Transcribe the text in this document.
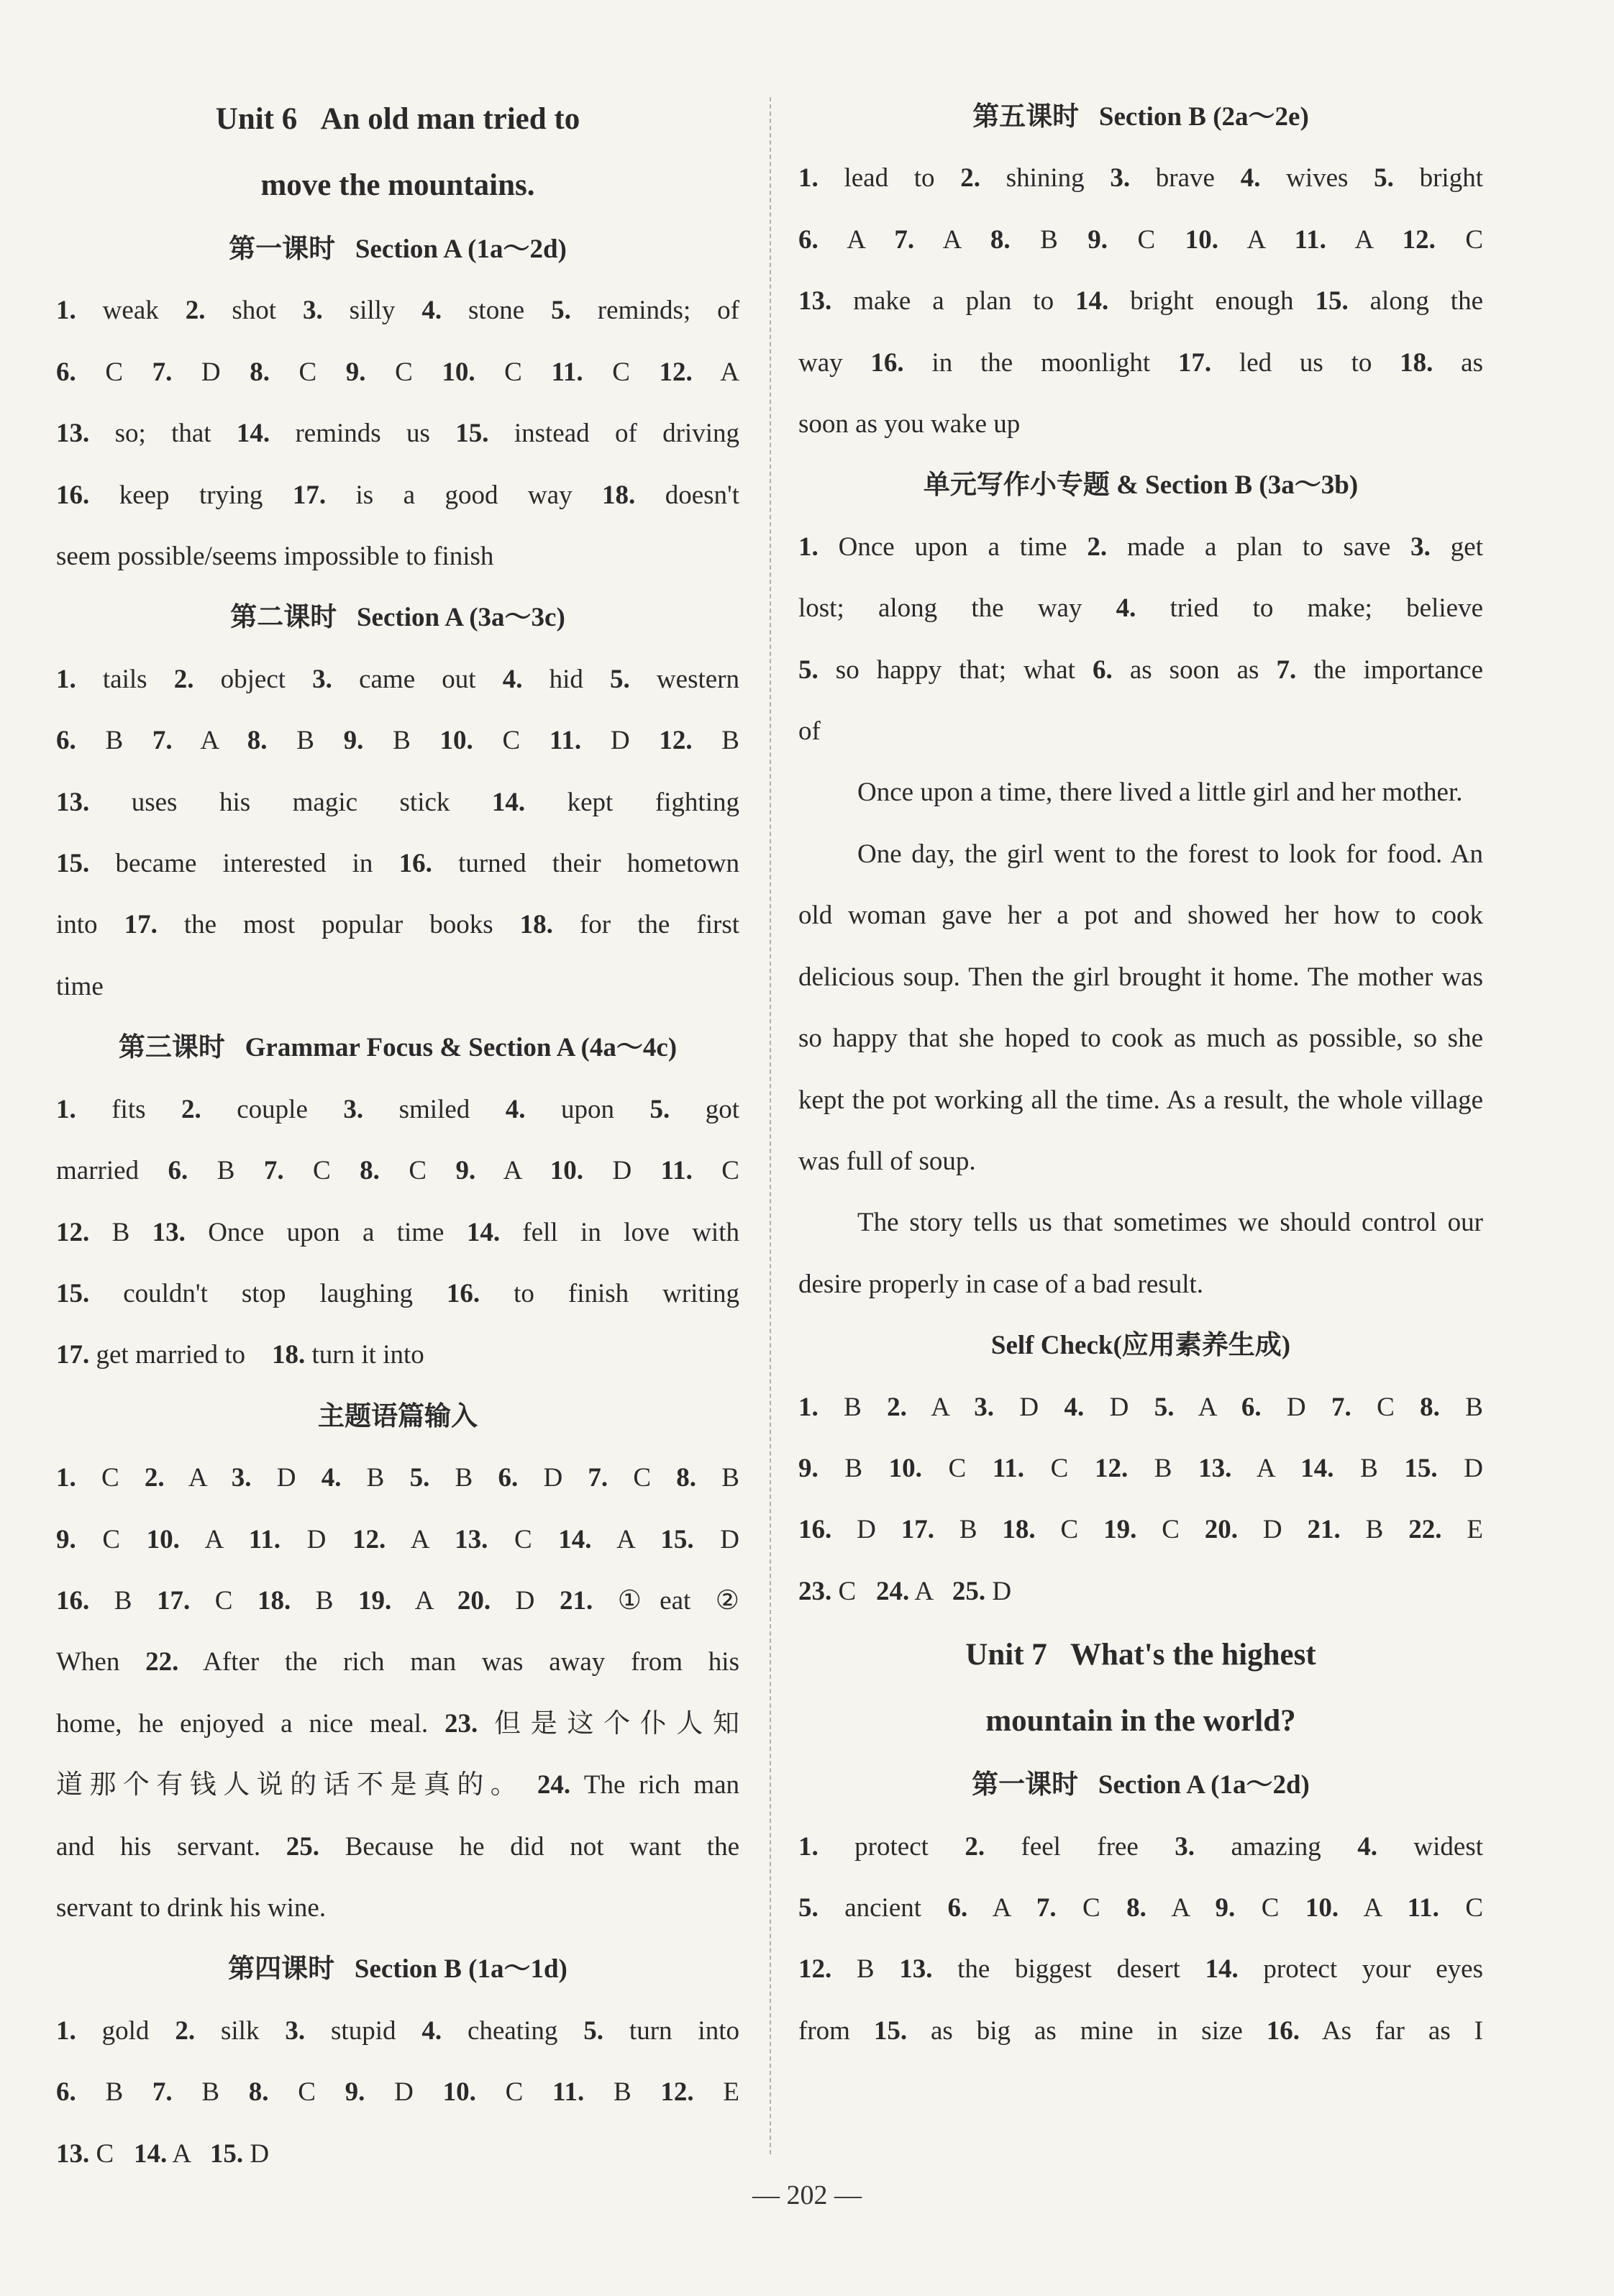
Unit 6   An old man tried to
move the mountains.
第一课时   Section A (1a～2d)
1. weak 2. shot 3. silly 4. stone 5. reminds; of
6. C 7. D 8. C 9. C 10. C 11. C 12. A
13. so; that 14. reminds us 15. instead of driving
16. keep trying 17. is a good way 18. doesn't
seem possible/seems impossible to finish
第二课时   Section A (3a～3c)
1. tails 2. object 3. came out 4. hid 5. western
6. B 7. A 8. B 9. B 10. C 11. D 12. B
13. uses his magic stick 14. kept fighting
15. became interested in 16. turned their hometown
into 17. the most popular books 18. for the first
time
第三课时   Grammar Focus & Section A (4a～4c)
1. fits 2. couple 3. smiled 4. upon 5. got
married 6. B 7. C 8. C 9. A 10. D 11. C
12. B 13. Once upon a time 14. fell in love with
15. couldn't stop laughing 16. to finish writing
17. get married to    18. turn it into
主题语篇输入
1. C 2. A 3. D 4. B 5. B 6. D 7. C 8. B
9. C 10. A 11. D 12. A 13. C 14. A 15. D
16. B 17. C 18. B 19. A 20. D 21. ①eat ②
When 22. After the rich man was away from his
home, he enjoyed a nice meal. 23. 但是这个仆人知
道那个有钱人说的话不是真的。 24. The rich man
and his servant. 25. Because he did not want the
servant to drink his wine.
第四课时   Section B (1a～1d)
1. gold 2. silk 3. stupid 4. cheating 5. turn into
6. B 7. B 8. C 9. D 10. C 11. B 12. E
13. C   14. A   15. D
第五课时   Section B (2a～2e)
1. lead to 2. shining 3. brave 4. wives 5. bright
6. A 7. A 8. B 9. C 10. A 11. A 12. C
13. make a plan to 14. bright enough 15. along the
way 16. in the moonlight 17. led us to 18. as
soon as you wake up
单元写作小专题 & Section B (3a～3b)
1. Once upon a time 2. made a plan to save 3. get
lost; along the way 4. tried to make; believe
5. so happy that; what 6. as soon as 7. the importance
of
Once upon a time, there lived a little girl and her mother.
One day, the girl went to the forest to look for food. An old woman gave her a pot and showed her how to cook delicious soup. Then the girl brought it home. The mother was so happy that she hoped to cook as much as possible, so she kept the pot working all the time. As a result, the whole village was full of soup.
The story tells us that sometimes we should control our desire properly in case of a bad result.
Self Check(应用素养生成)
1. B 2. A 3. D 4. D 5. A 6. D 7. C 8. B
9. B 10. C 11. C 12. B 13. A 14. B 15. D
16. D 17. B 18. C 19. C 20. D 21. B 22. E
23. C   24. A   25. D
Unit 7   What's the highest
mountain in the world?
第一课时   Section A (1a～2d)
1. protect 2. feel free 3. amazing 4. widest
5. ancient 6. A 7. C 8. A 9. C 10. A 11. C
12. B 13. the biggest desert 14. protect your eyes
from 15. as big as mine in size 16. As far as I
— 202 —
